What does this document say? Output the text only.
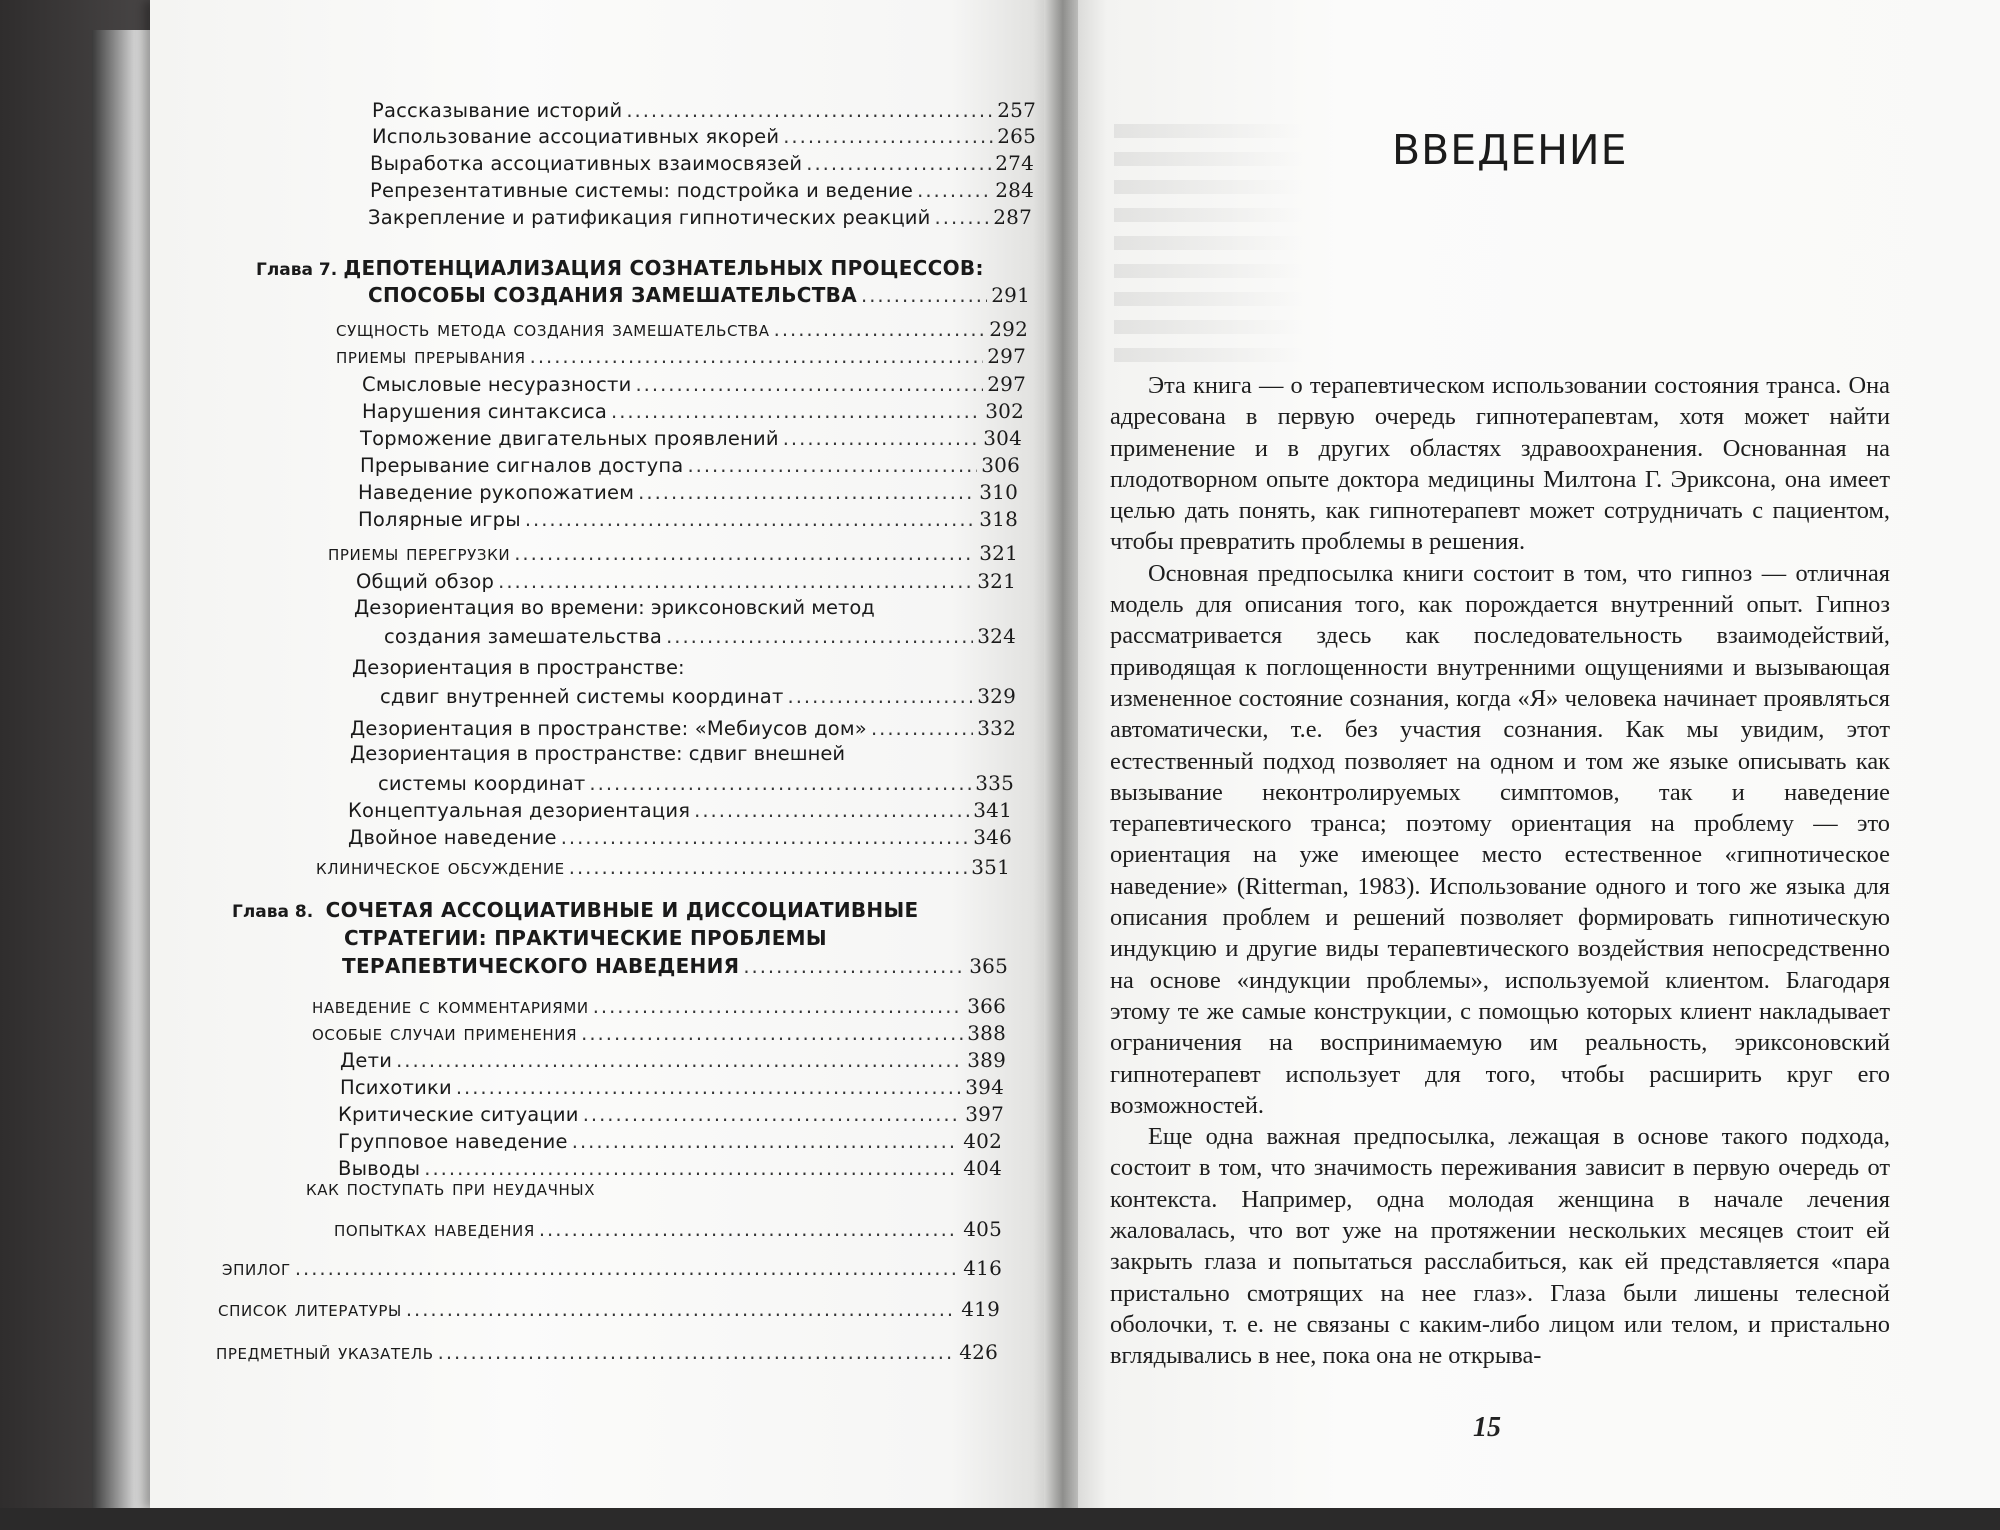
Рассказывание историй .....	257
Использование ассоциативных якорей .....	265
Выработка ассоциативных взаимосвязей .....	274
Репрезентативные системы: подстройка и ведение .....	284
Закрепление и ратификация гипнотических реакций .....	287
Глава 7. ДЕПОТЕНЦИАЛИЗАЦИЯ СОЗНАТЕЛЬНЫХ ПРОЦЕССОВ:
СПОСОБЫ СОЗДАНИЯ ЗАМЕШАТЕЛЬСТВА .....	291
сущность метода создания замешательства .....	292
приемы прерывания .....	297
Смысловые несуразности .....	297
Нарушения синтаксиса .....	302
Торможение двигательных проявлений .....	304
Прерывание сигналов доступа .....	306
Наведение рукопожатием .....	310
Полярные игры .....	318
приемы перегрузки .....	321
Общий обзор .....	321
Дезориентация во времени: эриксоновский метод
создания замешательства .....	324
Дезориентация в пространстве:
сдвиг внутренней системы координат .....	329
Дезориентация в пространстве: «Мебиусов дом» .....	332
Дезориентация в пространстве: сдвиг внешней
системы координат .....	335
Концептуальная дезориентация .....	341
Двойное наведение .....	346
клиническое обсуждение .....	351
Глава 8. СОЧЕТАЯ АССОЦИАТИВНЫЕ И ДИССОЦИАТИВНЫЕ
СТРАТЕГИИ: ПРАКТИЧЕСКИЕ ПРОБЛЕМЫ
ТЕРАПЕВТИЧЕСКОГО НАВЕДЕНИЯ .....	365
наведение с комментариями .....	366
особые случаи применения .....	388
Дети .....	389
Психотики .....	394
Критические ситуации .....	397
Групповое наведение .....	402
Выводы .....	404
как поступать при неудачных
попытках наведения .....	405
эпилог .....	416
список литературы .....	419
предметный указатель .....	426
ВВЕДЕНИЕ

Эта книга — о терапевтическом использовании состояния транса. Она адресована в первую очередь гипнотерапевтам, хотя может найти применение и в других областях здравоохранения. Основанная на плодотворном опыте доктора медицины Милтона Г. Эриксона, она имеет целью дать понять, как гипнотерапевт может сотрудничать с пациентом, чтобы превратить проблемы в решения.

Основная предпосылка книги состоит в том, что гипноз — отличная модель для описания того, как порождается внутренний опыт. Гипноз рассматривается здесь как последовательность взаимодействий, приводящая к поглощенности внутренними ощущениями и вызывающая измененное состояние сознания, когда «Я» человека начинает проявляться автоматически, т.е. без участия сознания. Как мы увидим, этот естественный подход позволяет на одном и том же языке описывать как вызывание неконтролируемых симптомов, так и наведение терапевтического транса; поэтому ориентация на проблему — это ориентация на уже имеющее место естественное «гипнотическое наведение» (Ritterman, 1983). Использование одного и того же языка для описания проблем и решений позволяет формировать гипнотическую индукцию и другие виды терапевтического воздействия непосредственно на основе «индукции проблемы», используемой клиентом. Благодаря этому те же самые конструкции, с помощью которых клиент накладывает ограничения на воспринимаемую им реальность, эриксоновский гипнотерапевт использует для того, чтобы расширить круг его возможностей.

Еще одна важная предпосылка, лежащая в основе такого подхода, состоит в том, что значимость переживания зависит в первую очередь от контекста. Например, одна молодая женщина в начале лечения жаловалась, что вот уже на протяжении нескольких месяцев стоит ей закрыть глаза и попытаться расслабиться, как ей представляется «пара пристально смотрящих на нее глаз». Глаза были лишены телесной оболочки, т. е. не связаны с каким-либо лицом или телом, и пристально вглядывались в нее, пока она не открыва-

15
